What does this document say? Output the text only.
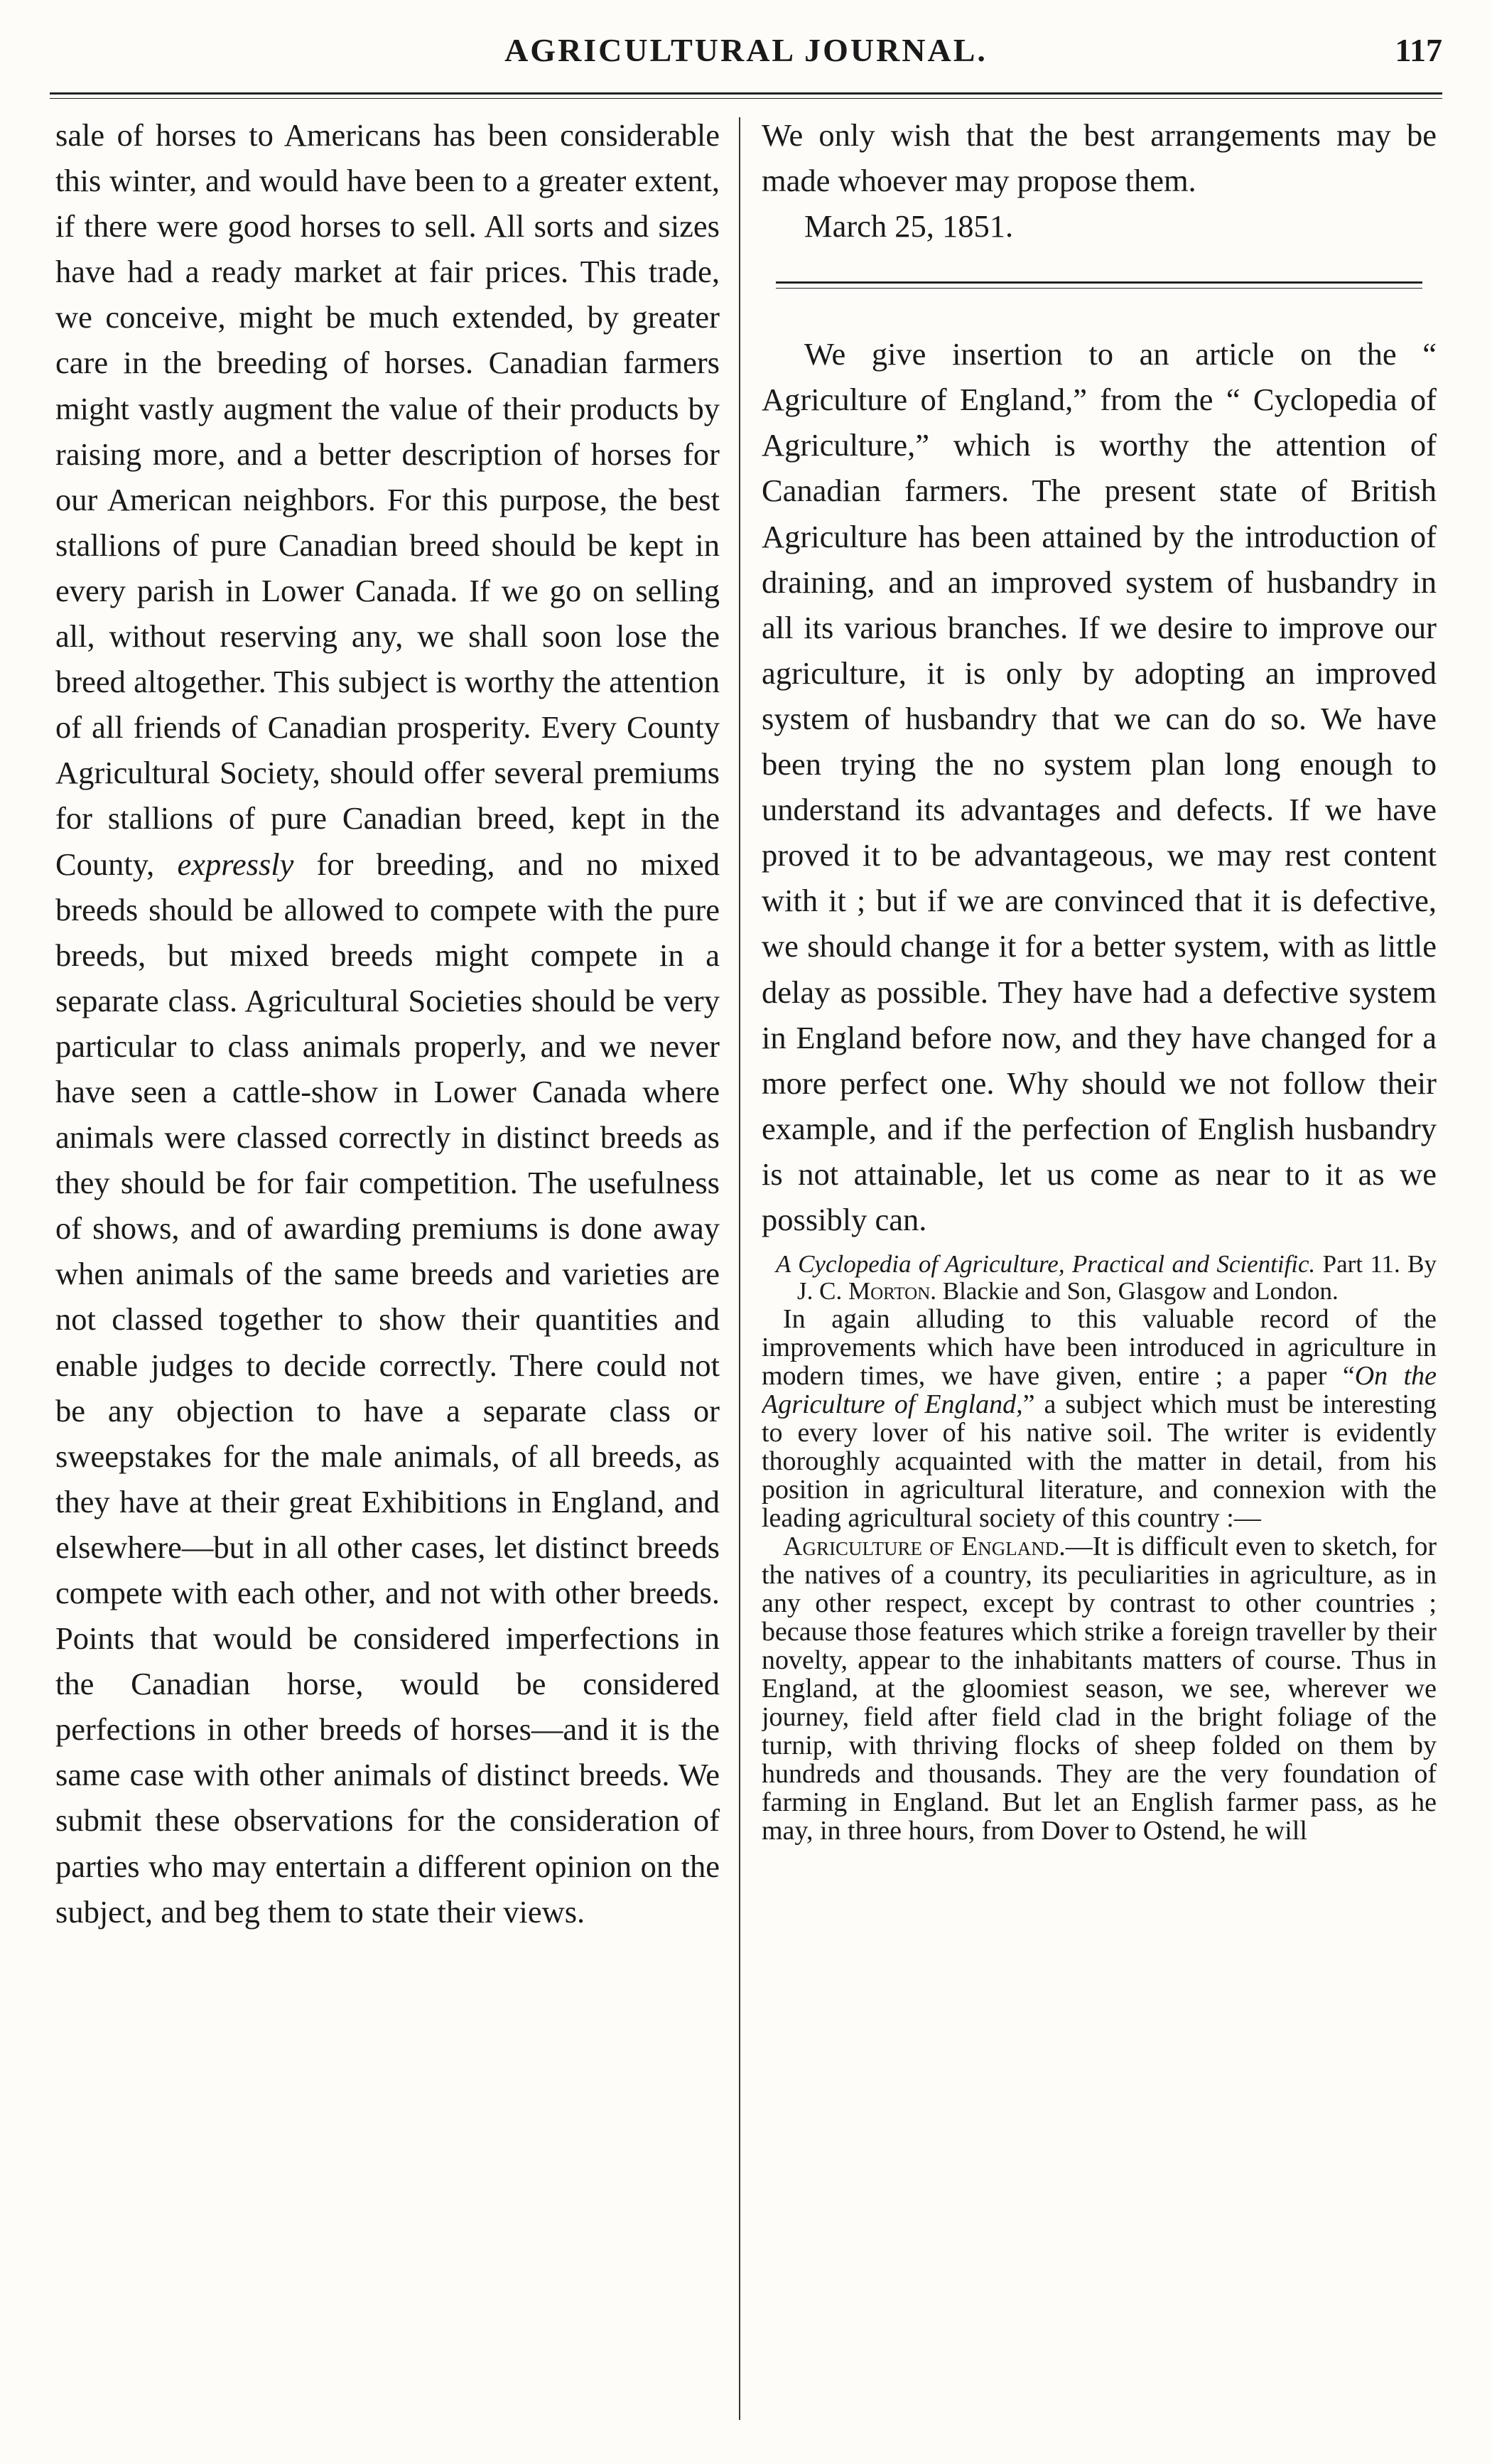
AGRICULTURAL JOURNAL.	117

sale of horses to Americans has been considerable this winter, and would have been to a greater extent, if there were good horses to sell. All sorts and sizes have had a ready market at fair prices. This trade, we conceive, might be much extended, by greater care in the breeding of horses. Canadian farmers might vastly augment the value of their products by raising more, and a better description of horses for our American neighbors. For this purpose, the best stallions of pure Canadian breed should be kept in every parish in Lower Canada. If we go on selling all, without reserving any, we shall soon lose the breed altogether. This subject is worthy the attention of all friends of Canadian prosperity. Every County Agricultural Society, should offer several premiums for stallions of pure Canadian breed, kept in the County, expressly for breeding, and no mixed breeds should be allowed to compete with the pure breeds, but mixed breeds might compete in a separate class. Agricultural Societies should be very particular to class animals properly, and we never have seen a cattle-show in Lower Canada where animals were classed correctly in distinct breeds as they should be for fair competition. The usefulness of shows, and of awarding premiums is done away when animals of the same breeds and varieties are not classed together to show their quantities and enable judges to decide correctly. There could not be any objection to have a separate class or sweepstakes for the male animals, of all breeds, as they have at their great Exhibitions in England, and elsewhere—but in all other cases, let distinct breeds compete with each other, and not with other breeds. Points that would be considered imperfections in the Canadian horse, would be considered perfections in other breeds of horses—and it is the same case with other animals of distinct breeds. We submit these observations for the consideration of parties who may entertain a different opinion on the subject, and beg them to state their views.

We only wish that the best arrangements may be made whoever may propose them.

March 25, 1851.

We give insertion to an article on the “ Agriculture of England,” from the “ Cyclopedia of Agriculture,” which is worthy the attention of Canadian farmers. The present state of British Agriculture has been attained by the introduction of draining, and an improved system of husbandry in all its various branches. If we desire to improve our agriculture, it is only by adopting an improved system of husbandry that we can do so. We have been trying the no system plan long enough to understand its advantages and defects. If we have proved it to be advantageous, we may rest content with it ; but if we are convinced that it is defective, we should change it for a better system, with as little delay as possible. They have had a defective system in England before now, and they have changed for a more perfect one. Why should we not follow their example, and if the perfection of English husbandry is not attainable, let us come as near to it as we possibly can.

A Cyclopedia of Agriculture, Practical and Scientific. Part 11. By J. C. Morton. Blackie and Son, Glasgow and London.

In again alluding to this valuable record of the improvements which have been introduced in agriculture in modern times, we have given, entire ; a paper “On the Agriculture of England,” a subject which must be interesting to every lover of his native soil. The writer is evidently thoroughly acquainted with the matter in detail, from his position in agricultural literature, and connexion with the leading agricultural society of this country :—

Agriculture of England.—It is difficult even to sketch, for the natives of a country, its peculiarities in agriculture, as in any other respect, except by contrast to other countries ; because those features which strike a foreign traveller by their novelty, appear to the inhabitants matters of course. Thus in England, at the gloomiest season, we see, wherever we journey, field after field clad in the bright foliage of the turnip, with thriving flocks of sheep folded on them by hundreds and thousands. They are the very foundation of farming in England. But let an English farmer pass, as he may, in three hours, from Dover to Ostend, he will
